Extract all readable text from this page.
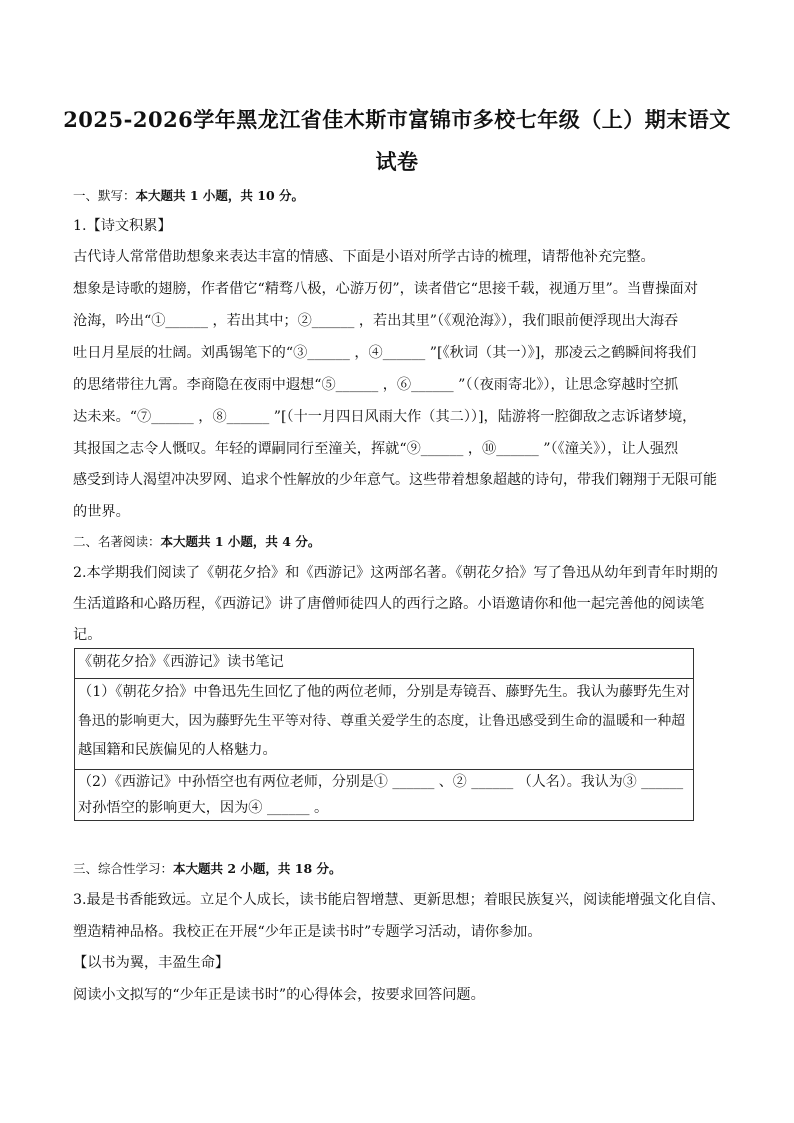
2025-2026学年黑龙江省佳木斯市富锦市多校七年级（上）期末语文
试卷
一、默写：本大题共 1 小题，共 10 分。
1.【诗文积累】
古代诗人常常借助想象来表达丰富的情感、下面是小语对所学古诗的梳理，请帮他补充完整。
想象是诗歌的翅膀，作者借它“精骛八极，心游万仞”，读者借它“思接千载，视通万里”。当曹操面对
沧海，吟出“①______ ，若出其中；②______ ，若出其里”（《观沧海》），我们眼前便浮现出大海吞
吐日月星辰的壮阔。刘禹锡笔下的“③______ ，④______ ”[《秋词（其一）》]，那凌云之鹤瞬间将我们
的思绪带往九霄。李商隐在夜雨中遐想“⑤______ ，⑥______ ”（（夜雨寄北》），让思念穿越时空抓
达未来。“⑦______ ，⑧______ ”[（十一月四日风雨大作（其二））]，陆游将一腔御敌之志诉诸梦境，
其报国之志令人慨叹。年轻的谭嗣同行至潼关，挥就“⑨______ ，⑩______ ”（《潼关》），让人强烈
感受到诗人渴望冲决罗网、追求个性解放的少年意气。这些带着想象超越的诗句，带我们翱翔于无限可能
的世界。
二、名著阅读：本大题共 1 小题，共 4 分。
2.本学期我们阅读了《朝花夕拾》和《西游记》这两部名著。《朝花夕拾》写了鲁迅从幼年到青年时期的
生活道路和心路历程，《西游记》讲了唐僧师徒四人的西行之路。小语邀请你和他一起完善他的阅读笔
记。
《朝花夕拾》《西游记》读书笔记
（1）《朝花夕拾》中鲁迅先生回忆了他的两位老师，分别是寿镜吾、藤野先生。我认为藤野先生对
鲁迅的影响更大，因为藤野先生平等对待、尊重关爱学生的态度，让鲁迅感受到生命的温暖和一种超
越国籍和民族偏见的人格魅力。
（2）《西游记》中孙悟空也有两位老师，分别是① ______ 、② ______ （人名）。我认为③ ______
对孙悟空的影响更大，因为④ ______ 。
三、综合性学习：本大题共 2 小题，共 18 分。
3.最是书香能致远。立足个人成长，读书能启智增慧、更新思想；着眼民族复兴，阅读能增强文化自信、
塑造精神品格。我校正在开展“少年正是读书时”专题学习活动，请你参加。
【以书为翼，丰盈生命】
阅读小文拟写的“少年正是读书时”的心得体会，按要求回答问题。
